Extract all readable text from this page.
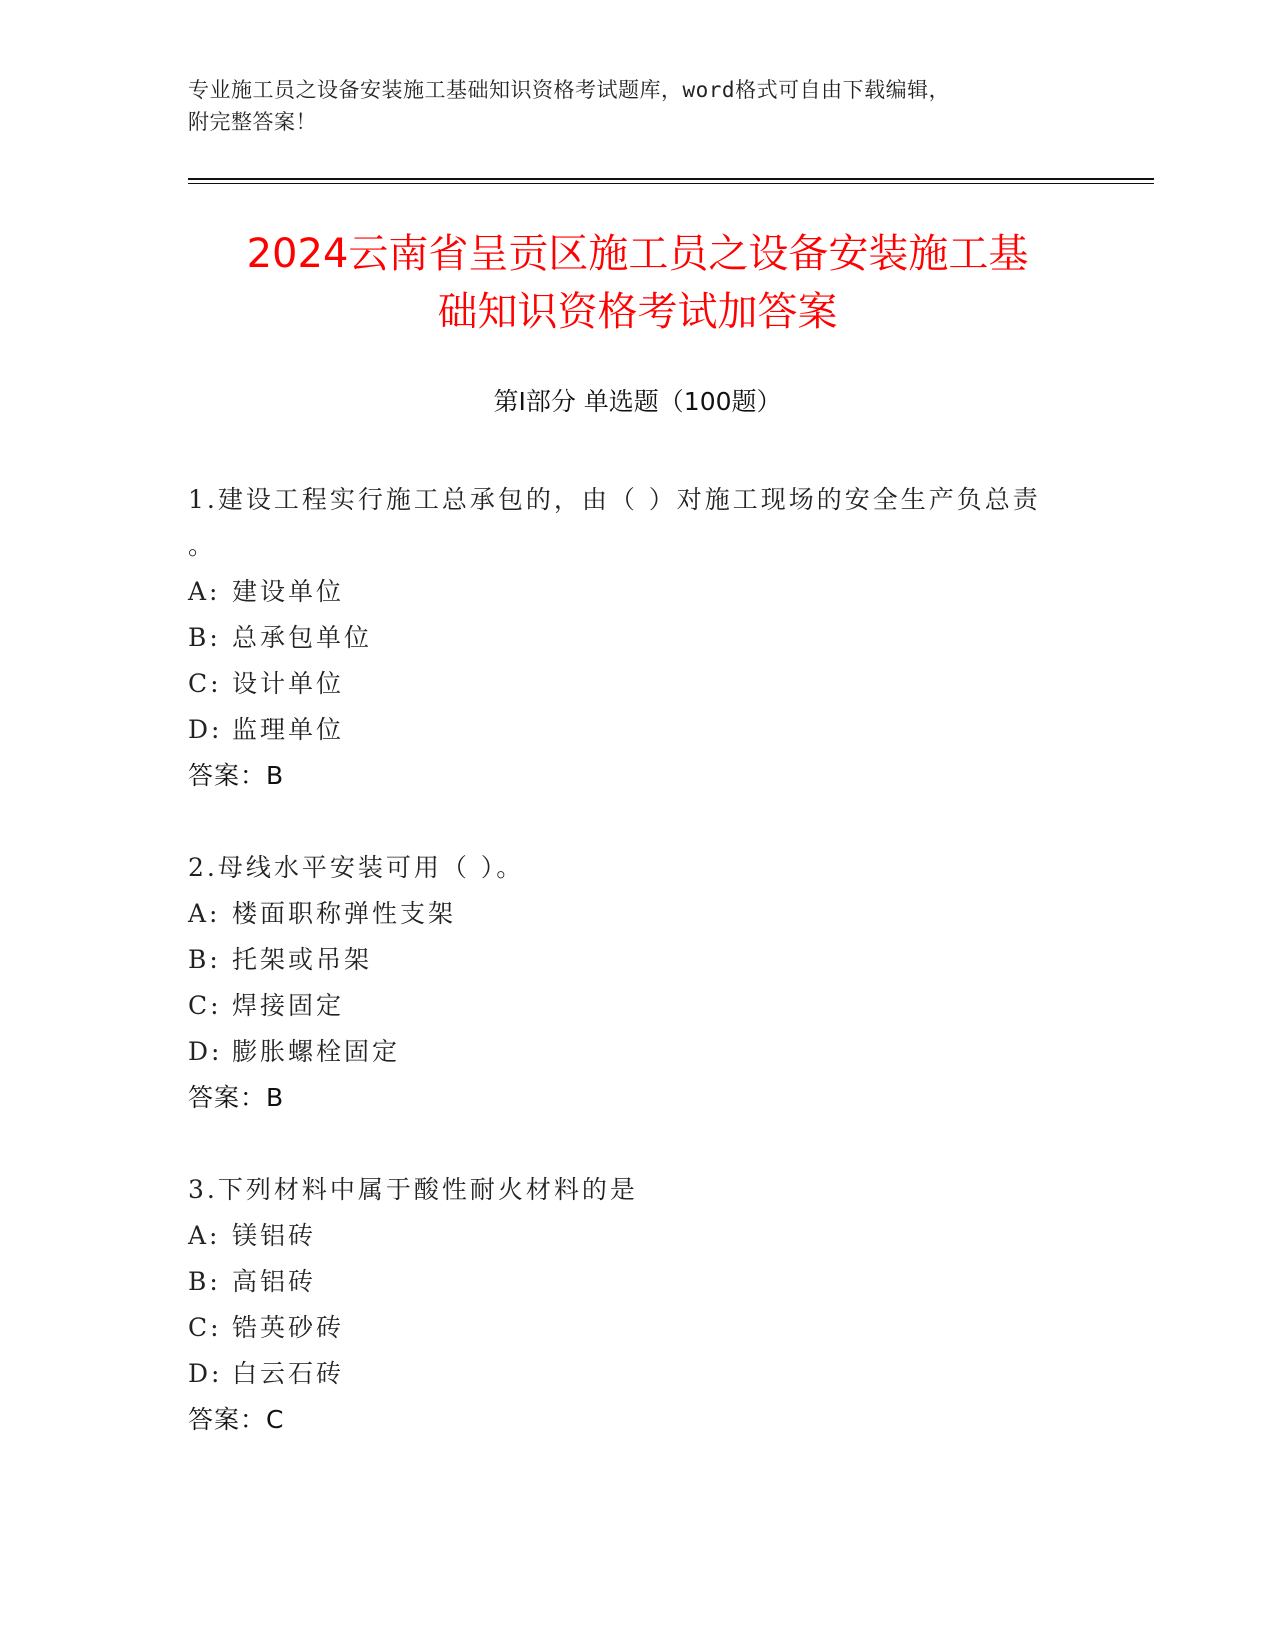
专业施工员之设备安装施工基础知识资格考试题库，word格式可自由下载编辑，
附完整答案！
2024云南省呈贡区施工员之设备安装施工基
础知识资格考试加答案
第Ⅰ部分 单选题（100题）
1.建设工程实行施工总承包的，由（ ）对施工现场的安全生产负总责
。
A: 建设单位
B: 总承包单位
C: 设计单位
D: 监理单位
答案：B
2.母线水平安装可用（ ）。
A: 楼面职称弹性支架
B: 托架或吊架
C: 焊接固定
D: 膨胀螺栓固定
答案：B
3.下列材料中属于酸性耐火材料的是
A: 镁铝砖
B: 高铝砖
C: 锆英砂砖
D: 白云石砖
答案：C
